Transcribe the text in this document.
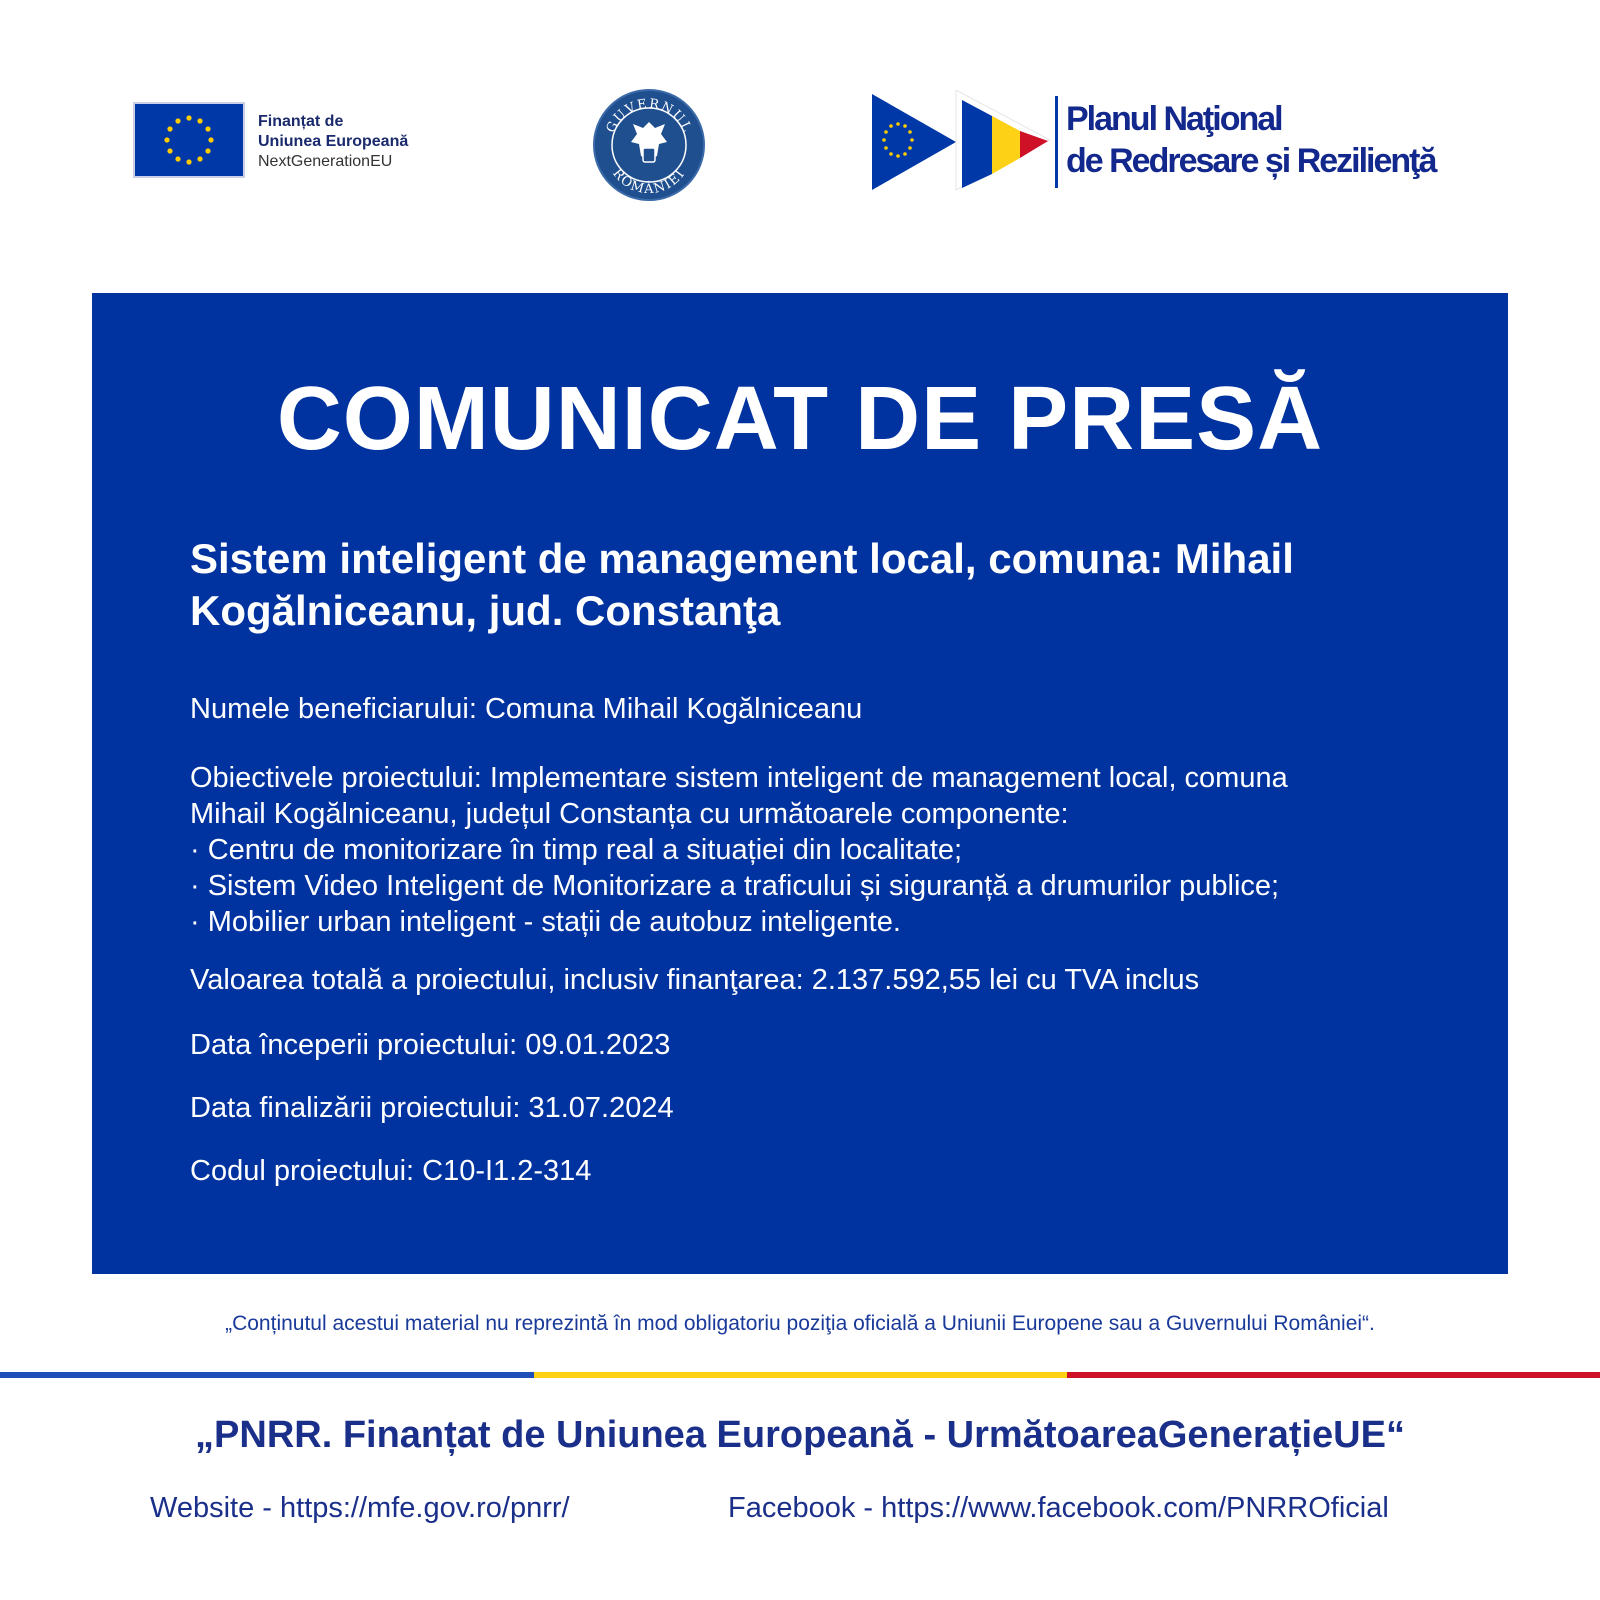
Finanțat de
Uniunea Europeană
NextGenerationEU
GUVERNUL
ROMÂNIEI
Planul Naţional
de Redresare și Rezilienţă
COMUNICAT DE PRESĂ
Sistem inteligent de management local, comuna: Mihail
Kogălniceanu, jud. Constanţa
Numele beneficiarului: Comuna Mihail Kogălniceanu
Obiectivele proiectului: Implementare sistem inteligent de management local, comuna
Mihail Kogălniceanu, județul Constanța cu următoarele componente:
· Centru de monitorizare în timp real a situației din localitate;
· Sistem Video Inteligent de Monitorizare a traficului și siguranță a drumurilor publice;
· Mobilier urban inteligent - stații de autobuz inteligente.
Valoarea totală a proiectului, inclusiv finanţarea: 2.137.592,55 lei cu TVA inclus
Data începerii proiectului: 09.01.2023
Data finalizării proiectului: 31.07.2024
Codul proiectului: C10-I1.2-314
„Conținutul acestui material nu reprezintă în mod obligatoriu poziţia oficială a Uniunii Europene sau a Guvernului României“.
„PNRR. Finanțat de Uniunea Europeană - UrmătoareaGenerațieUE“
Website - https://mfe.gov.ro/pnrr/	Facebook - https://www.facebook.com/PNRROficial
